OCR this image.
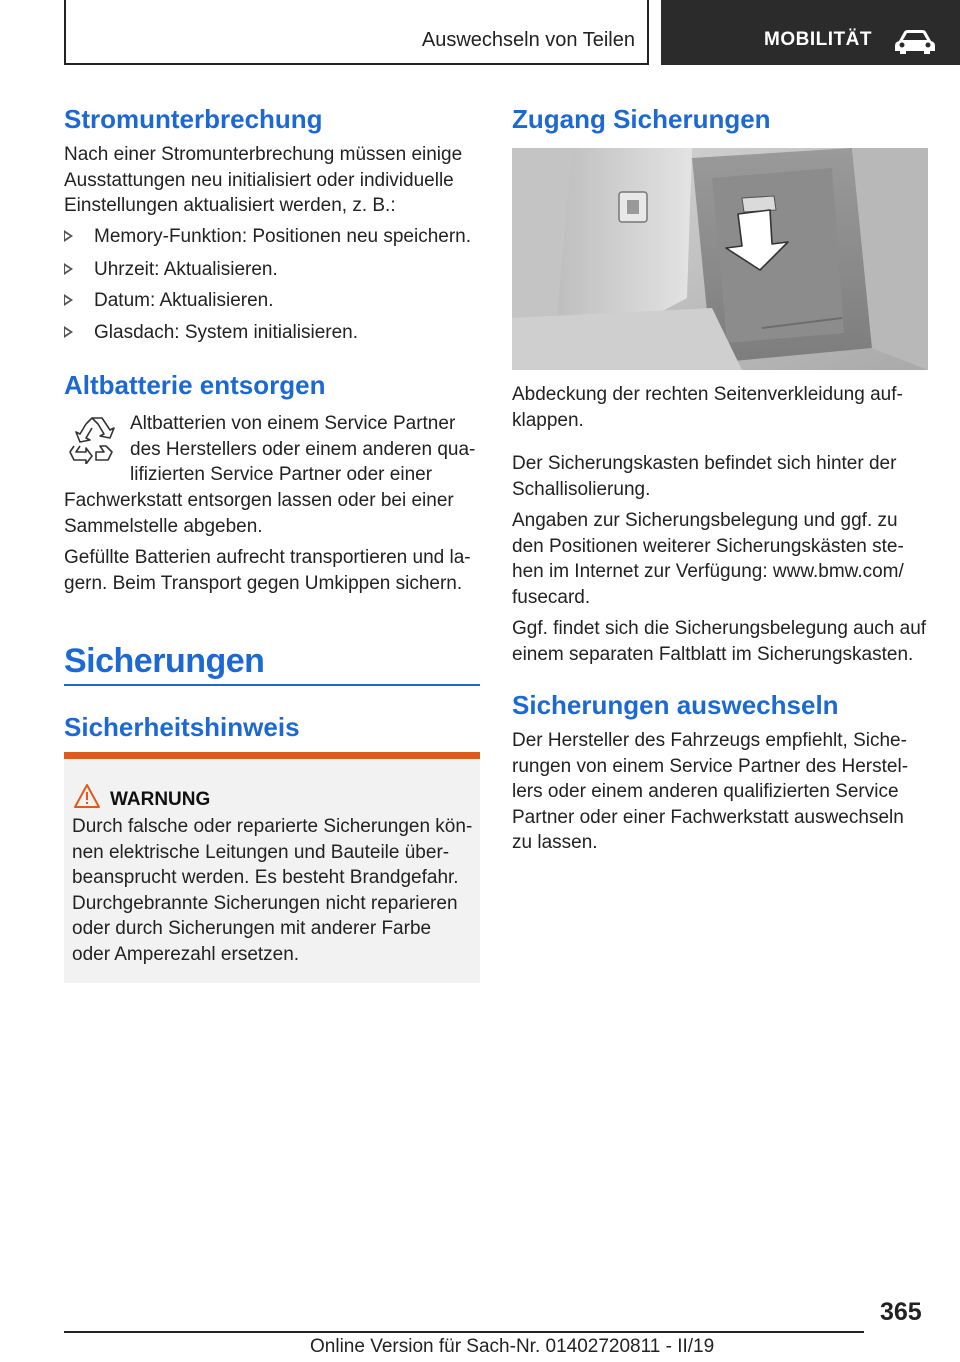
Auswechseln von Teilen	MOBILITÄT
Stromunterbrechung
Nach einer Stromunterbrechung müssen einige
Ausstattungen neu initialisiert oder individuelle
Einstellungen aktualisiert werden, z. B.:
Memory-Funktion: Positionen neu speichern.
Uhrzeit: Aktualisieren.
Datum: Aktualisieren.
Glasdach: System initialisieren.
Altbatterie entsorgen
Altbatterien von einem Service Partner
des Herstellers oder einem anderen qua-
lifizierten Service Partner oder einer
Fachwerkstatt entsorgen lassen oder bei einer
Sammelstelle abgeben.
Gefüllte Batterien aufrecht transportieren und la-
gern. Beim Transport gegen Umkippen sichern.
Sicherungen
Sicherheitshinweis
WARNUNG
Durch falsche oder reparierte Sicherungen kön-
nen elektrische Leitungen und Bauteile über-
beansprucht werden. Es besteht Brandgefahr.
Durchgebrannte Sicherungen nicht reparieren
oder durch Sicherungen mit anderer Farbe
oder Amperezahl ersetzen.
Zugang Sicherungen
Abdeckung der rechten Seitenverkleidung auf-
klappen.
Der Sicherungskasten befindet sich hinter der
Schallisolierung.
Angaben zur Sicherungsbelegung und ggf. zu
den Positionen weiterer Sicherungskästen ste-
hen im Internet zur Verfügung: www.bmw.com/
fusecard.
Ggf. findet sich die Sicherungsbelegung auch auf
einem separaten Faltblatt im Sicherungskasten.
Sicherungen auswechseln
Der Hersteller des Fahrzeugs empfiehlt, Siche-
rungen von einem Service Partner des Herstel-
lers oder einem anderen qualifizierten Service
Partner oder einer Fachwerkstatt auswechseln
zu lassen.
365
Online Version für Sach-Nr. 01402720811 - II/19
